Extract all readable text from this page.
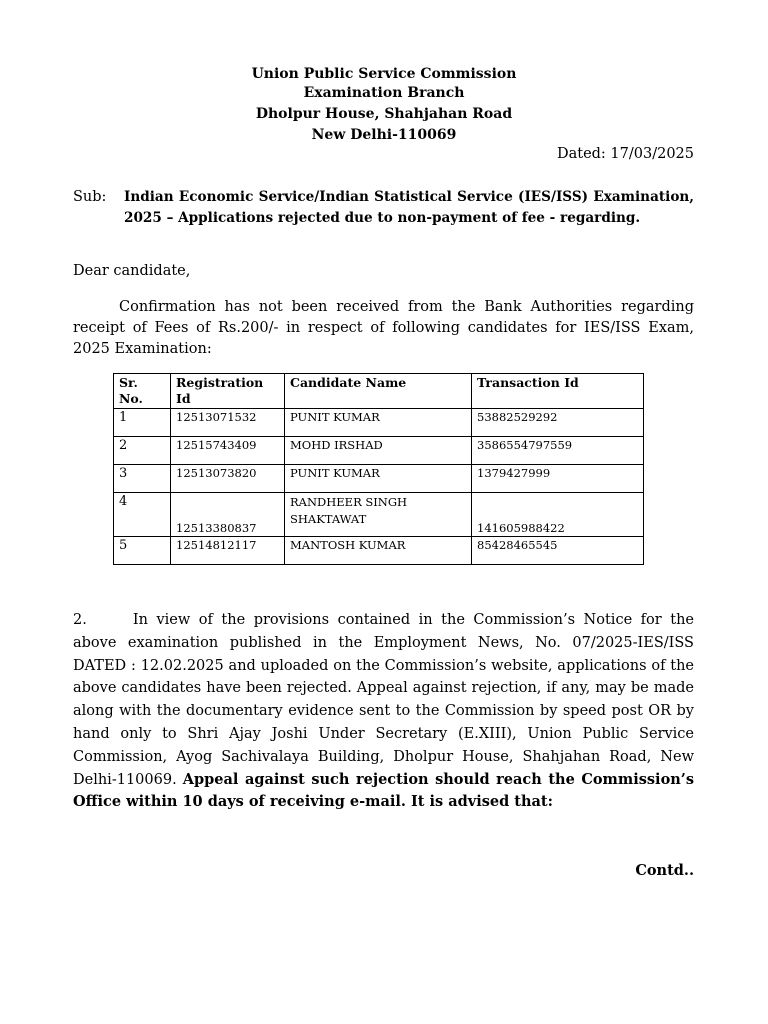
Union Public Service Commission
Examination Branch
Dholpur House, Shahjahan Road
New Delhi-110069
Dated: 17/03/2025
Sub: Indian Economic Service/Indian Statistical Service (IES/ISS) Examination, 2025 – Applications rejected due to non-payment of fee - regarding.
Dear candidate,
Confirmation has not been received from the Bank Authorities regarding receipt of Fees of Rs.200/- in respect of following candidates for IES/ISS Exam, 2025 Examination:
Sr. No.	Registration Id	Candidate Name	Transaction Id
1	12513071532	PUNIT KUMAR	53882529292
2	12515743409	MOHD IRSHAD	3586554797559
3	12513073820	PUNIT KUMAR	1379427999
4	12513380837	RANDHEER SINGH SHAKTAWAT	141605988422
5	12514812117	MANTOSH KUMAR	85428465545
2.	In view of the provisions contained in the Commission’s Notice for the above examination published in the Employment News, No. 07/2025-IES/ISS DATED : 12.02.2025 and uploaded on the Commission’s website, applications of the above candidates have been rejected. Appeal against rejection, if any, may be made along with the documentary evidence sent to the Commission by speed post OR by hand only to Shri Ajay Joshi Under Secretary (E.XIII), Union Public Service Commission, Ayog Sachivalaya Building, Dholpur House, Shahjahan Road, New Delhi-110069. Appeal against such rejection should reach the Commission’s Office within 10 days of receiving e-mail. It is advised that:
Contd..
